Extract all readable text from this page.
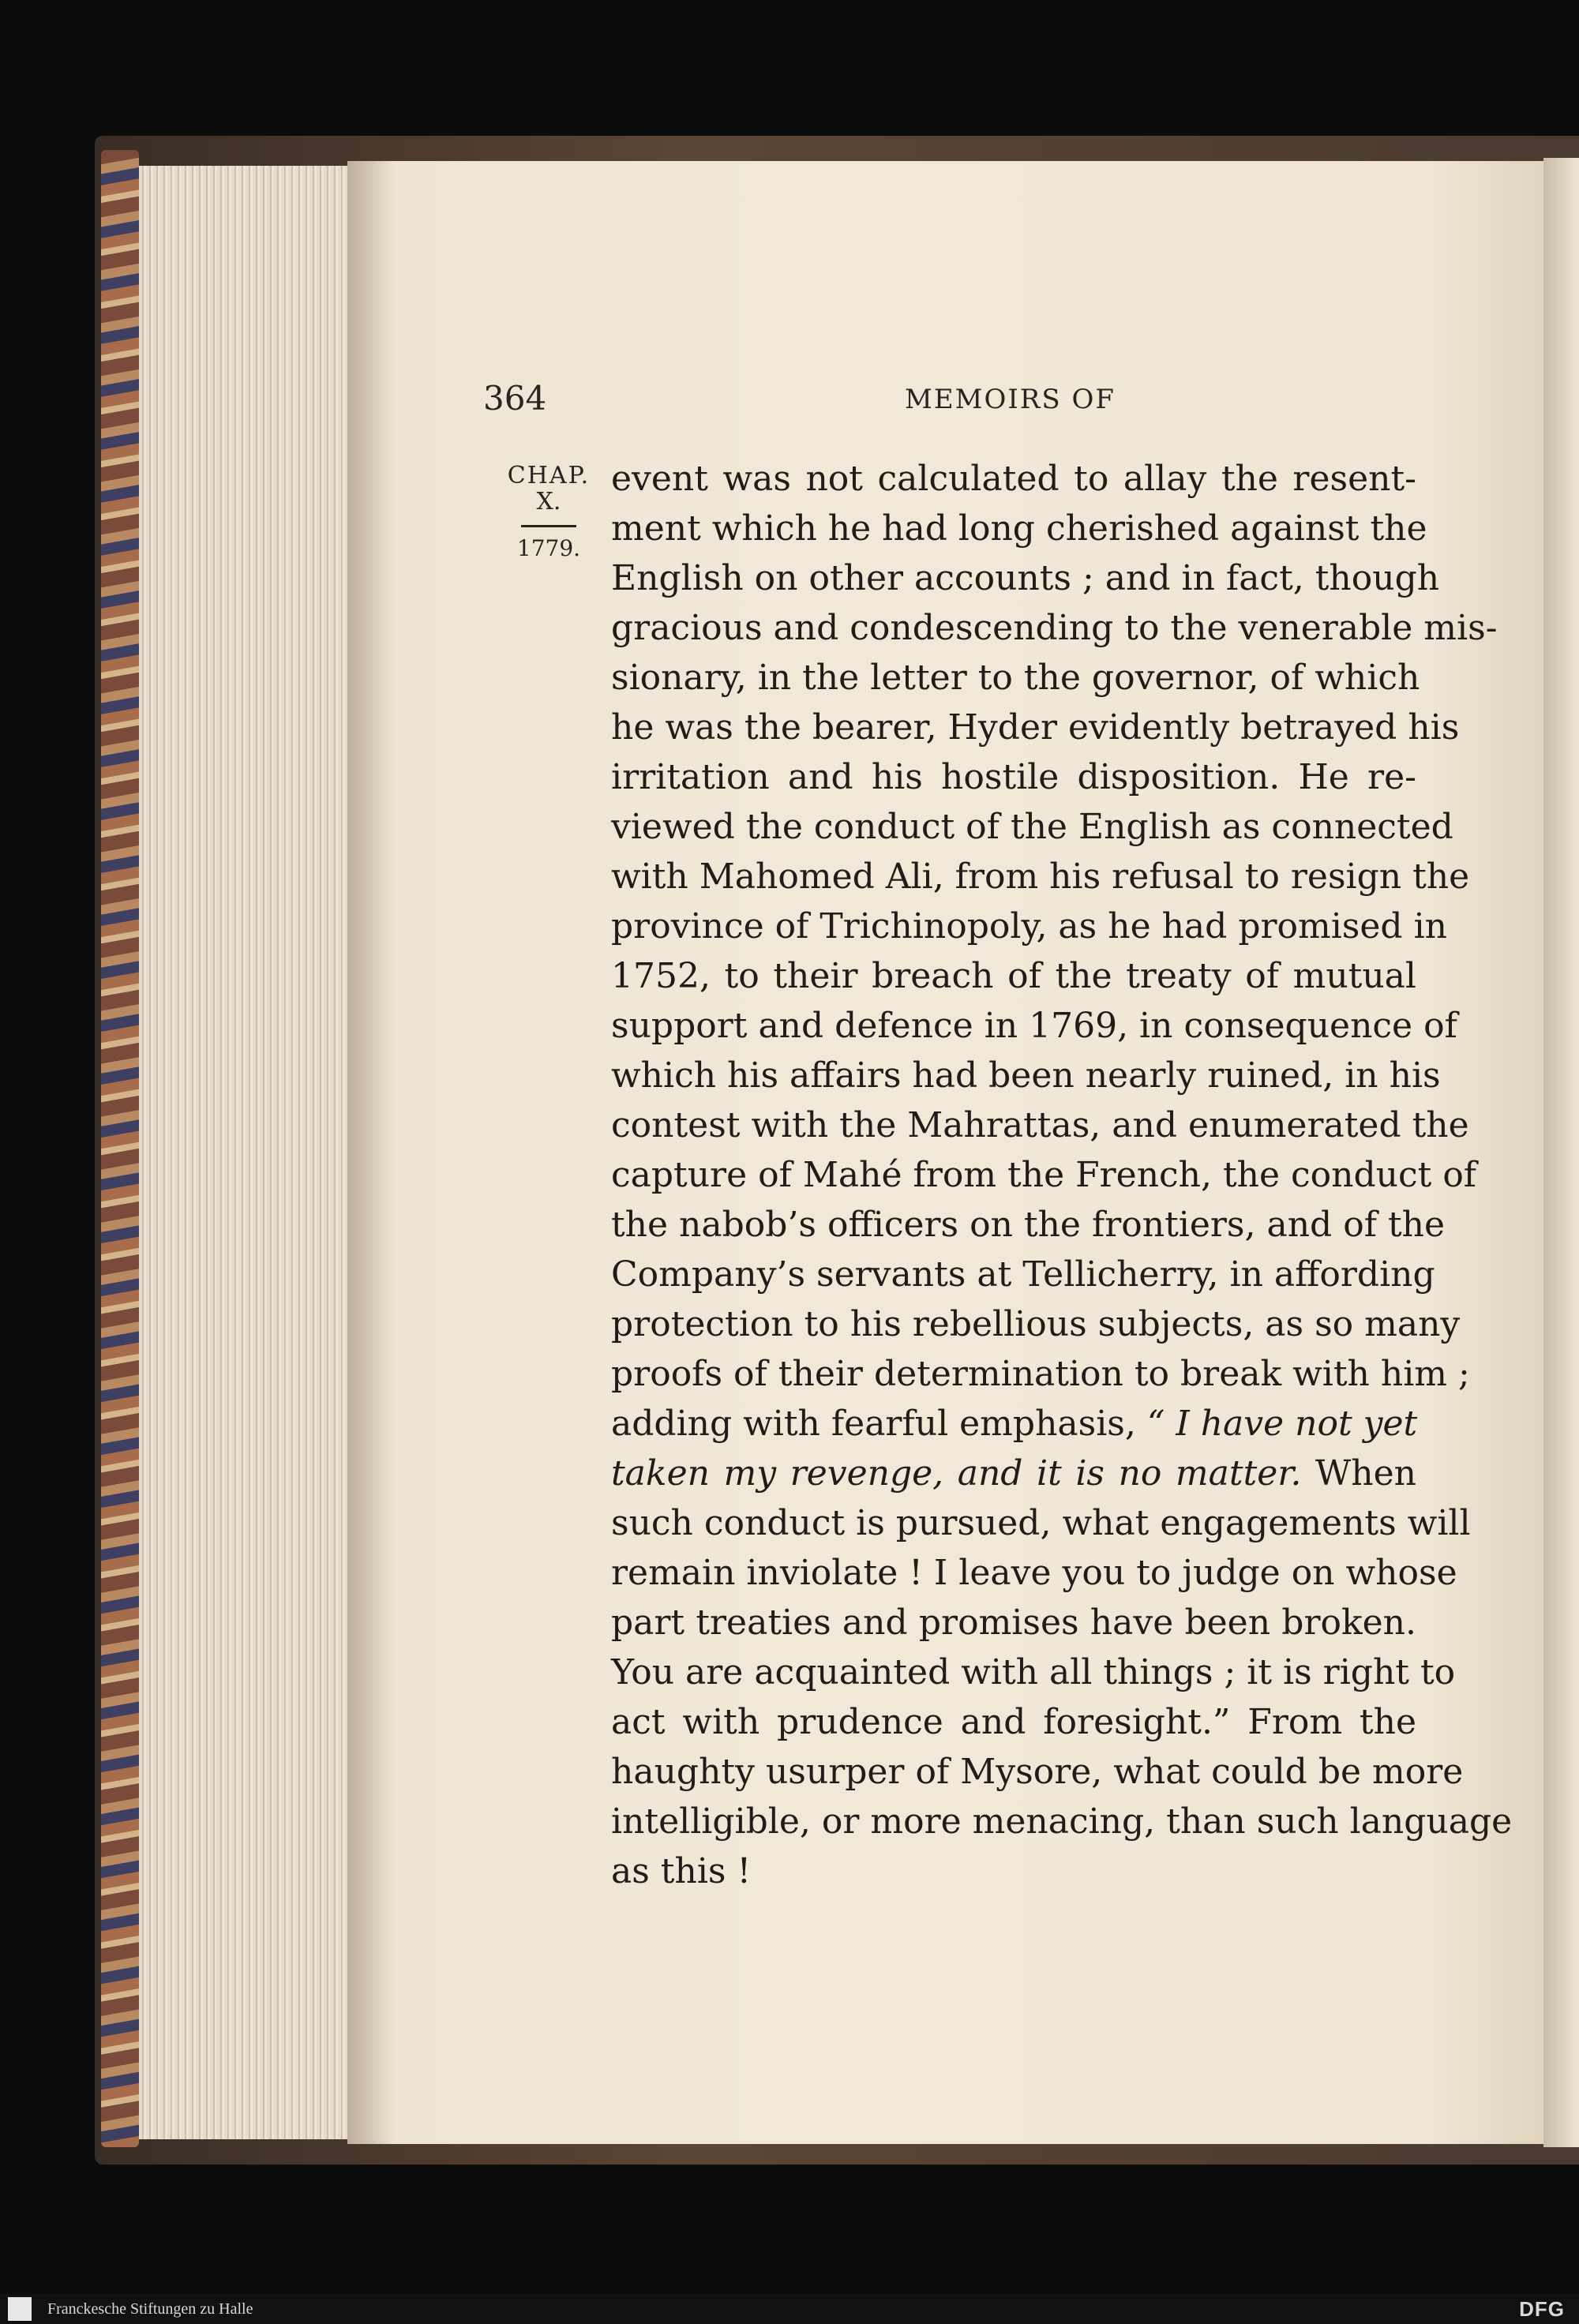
364	MEMOIRS OF
CHAP.
X.
1779.
event was not calculated to allay the resent-
ment which he had long cherished against the
English on other accounts ; and in fact, though
gracious and condescending to the venerable mis-
sionary, in the letter to the governor, of which
he was the bearer, Hyder evidently betrayed his
irritation and his hostile disposition. He re-
viewed the conduct of the English as connected
with Mahomed Ali, from his refusal to resign the
province of Trichinopoly, as he had promised in
1752, to their breach of the treaty of mutual
support and defence in 1769, in consequence of
which his affairs had been nearly ruined, in his
contest with the Mahrattas, and enumerated the
capture of Mahé from the French, the conduct of
the nabob’s officers on the frontiers, and of the
Company’s servants at Tellicherry, in affording
protection to his rebellious subjects, as so many
proofs of their determination to break with him ;
adding with fearful emphasis, “ I have not yet
taken my revenge, and it is no matter. When
such conduct is pursued, what engagements will
remain inviolate ! I leave you to judge on whose
part treaties and promises have been broken.
You are acquainted with all things ; it is right to
act with prudence and foresight.” From the
haughty usurper of Mysore, what could be more
intelligible, or more menacing, than such language
as this !
Franckesche Stiftungen zu Halle	DFG
